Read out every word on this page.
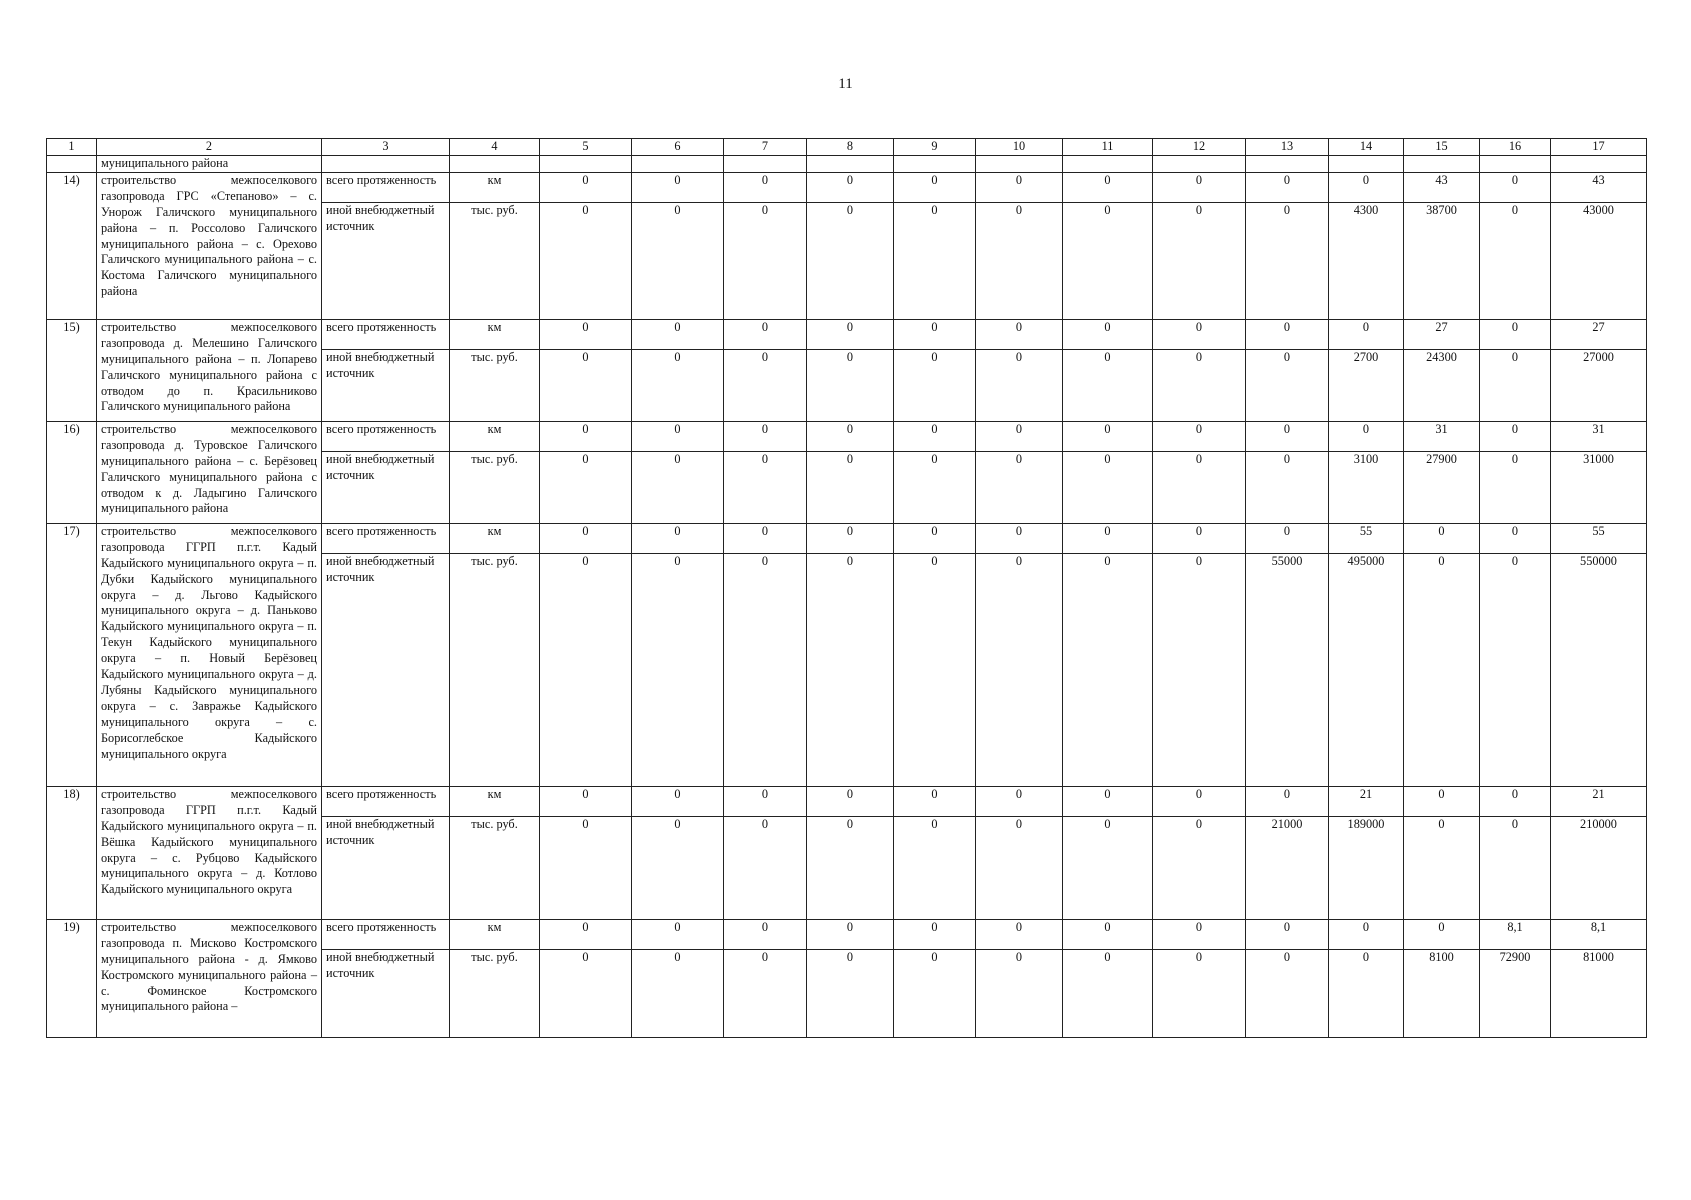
11
1	2	3	4	5	6	7	8	9	10	11	12	13	14	15	16	17
	муниципального района															
14)	строительство межпоселкового газопровода ГРС «Степаново» – с. Унорож Галичского муниципального района – п. Россолово Галичского муниципального района – с. Орехово Галичского муниципального района – с. Костома Галичского муниципального района	всего протяженность	км	0	0	0	0	0	0	0	0	0	0	43	0	43
		иной внебюджетный источник	тыс. руб.	0	0	0	0	0	0	0	0	0	4300	38700	0	43000
15)	строительство межпоселкового газопровода д. Мелешино Галичского муниципального района – п. Лопарево Галичского муниципального района с отводом до п. Красильниково Галичского муниципального района	всего протяженность	км	0	0	0	0	0	0	0	0	0	0	27	0	27
		иной внебюджетный источник	тыс. руб.	0	0	0	0	0	0	0	0	0	2700	24300	0	27000
16)	строительство межпоселкового газопровода д. Туровское Галичского муниципального района – с. Берёзовец Галичского муниципального района с отводом к д. Ладыгино Галичского муниципального района	всего протяженность	км	0	0	0	0	0	0	0	0	0	0	31	0	31
		иной внебюджетный источник	тыс. руб.	0	0	0	0	0	0	0	0	0	3100	27900	0	31000
17)	строительство межпоселкового газопровода ГГРП п.г.т. Кадый Кадыйского муниципального округа – п. Дубки Кадыйского муниципального округа – д. Льгово Кадыйского муниципального округа – д. Паньково Кадыйского муниципального округа – п. Текун Кадыйского муниципального округа – п. Новый Берёзовец Кадыйского муниципального округа – д. Лубяны Кадыйского муниципального округа – с. Завражье Кадыйского муниципального округа – с. Борисоглебское Кадыйского муниципального округа	всего протяженность	км	0	0	0	0	0	0	0	0	0	55	0	0	55
		иной внебюджетный источник	тыс. руб.	0	0	0	0	0	0	0	0	55000	495000	0	0	550000
18)	строительство межпоселкового газопровода ГГРП п.г.т. Кадый Кадыйского муниципального округа – п. Вёшка Кадыйского муниципального округа – с. Рубцово Кадыйского муниципального округа – д. Котлово Кадыйского муниципального округа	всего протяженность	км	0	0	0	0	0	0	0	0	0	21	0	0	21
		иной внебюджетный источник	тыс. руб.	0	0	0	0	0	0	0	0	21000	189000	0	0	210000
19)	строительство межпоселкового газопровода п. Мисково Костромского муниципального района - д. Ямково Костромского муниципального района – с. Фоминское Костромского муниципального района –	всего протяженность	км	0	0	0	0	0	0	0	0	0	0	0	8,1	8,1
		иной внебюджетный источник	тыс. руб.	0	0	0	0	0	0	0	0	0	0	8100	72900	81000
